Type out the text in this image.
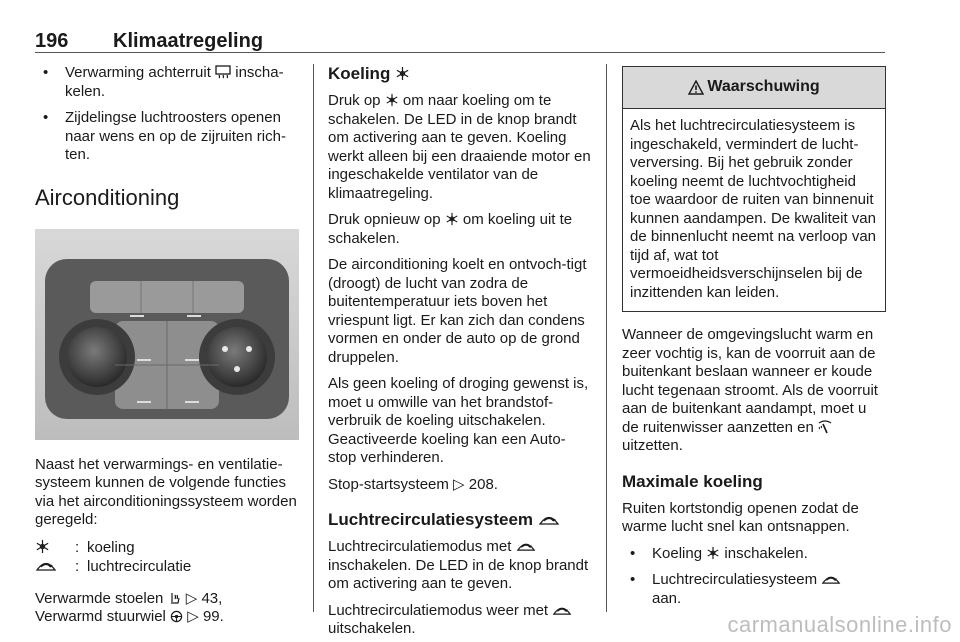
196 Klimaatregeling
• Verwarming achterruit  inscha-kelen.
• Zijdelingse luchtroosters openen naar wens en op de zijruiten rich-ten.
Airconditioning

Naast het verwarmings- en ventilatie-systeem kunnen de volgende functies via het airconditioningssysteem worden geregeld:

: koeling
: luchtrecirculatie

Verwarmde stoelen ▷ 43,

Verwarmd stuurwiel ▷ 99.

Koeling

Druk op om naar koeling om te schakelen. De LED in de knop brandt om activering aan te geven. Koeling werkt alleen bij een draaiende motor en ingeschakelde ventilator van de klimaatregeling.

Druk opnieuw op om koeling uit te schakelen.

De airconditioning koelt en ontvoch-tigt (droogt) de lucht van zodra de buitentemperatuur iets boven het vriespunt ligt. Er kan zich dan condens vormen en onder de auto op de grond druppelen.

Als geen koeling of droging gewenst is, moet u omwille van het brandstof-verbruik de koeling uitschakelen. Geactiveerde koeling kan een Auto-stop verhinderen.

Stop-startsysteem ▷ 208.

Luchtrecirculatiesysteem

Luchtrecirculatiemodus met  inschakelen. De LED in de knop brandt om activering aan te geven.

Luchtrecirculatiemodus weer met  uitschakelen.

Waarschuwing
Als het luchtrecirculatiesysteem is ingeschakeld, vermindert de lucht-verversing. Bij het gebruik zonder koeling neemt de luchtvochtigheid toe waardoor de ruiten van binnenuit kunnen aandampen. De kwaliteit van de binnenlucht neemt na verloop van tijd af, wat tot vermoeidheidsverschijnselen bij de inzittenden kan leiden.

Wanneer de omgevingslucht warm en zeer vochtig is, kan de voorruit aan de buitenkant beslaan wanneer er koude lucht tegenaan stroomt. Als de voorruit aan de buitenkant aandampt, moet u de ruitenwisser aanzetten en  uitzetten.

Maximale koeling

Ruiten kortstondig openen zodat de warme lucht snel kan ontsnappen.

• Koeling inschakelen.
• Luchtrecirculatiesysteem
aan.
carmanualsonline.info
